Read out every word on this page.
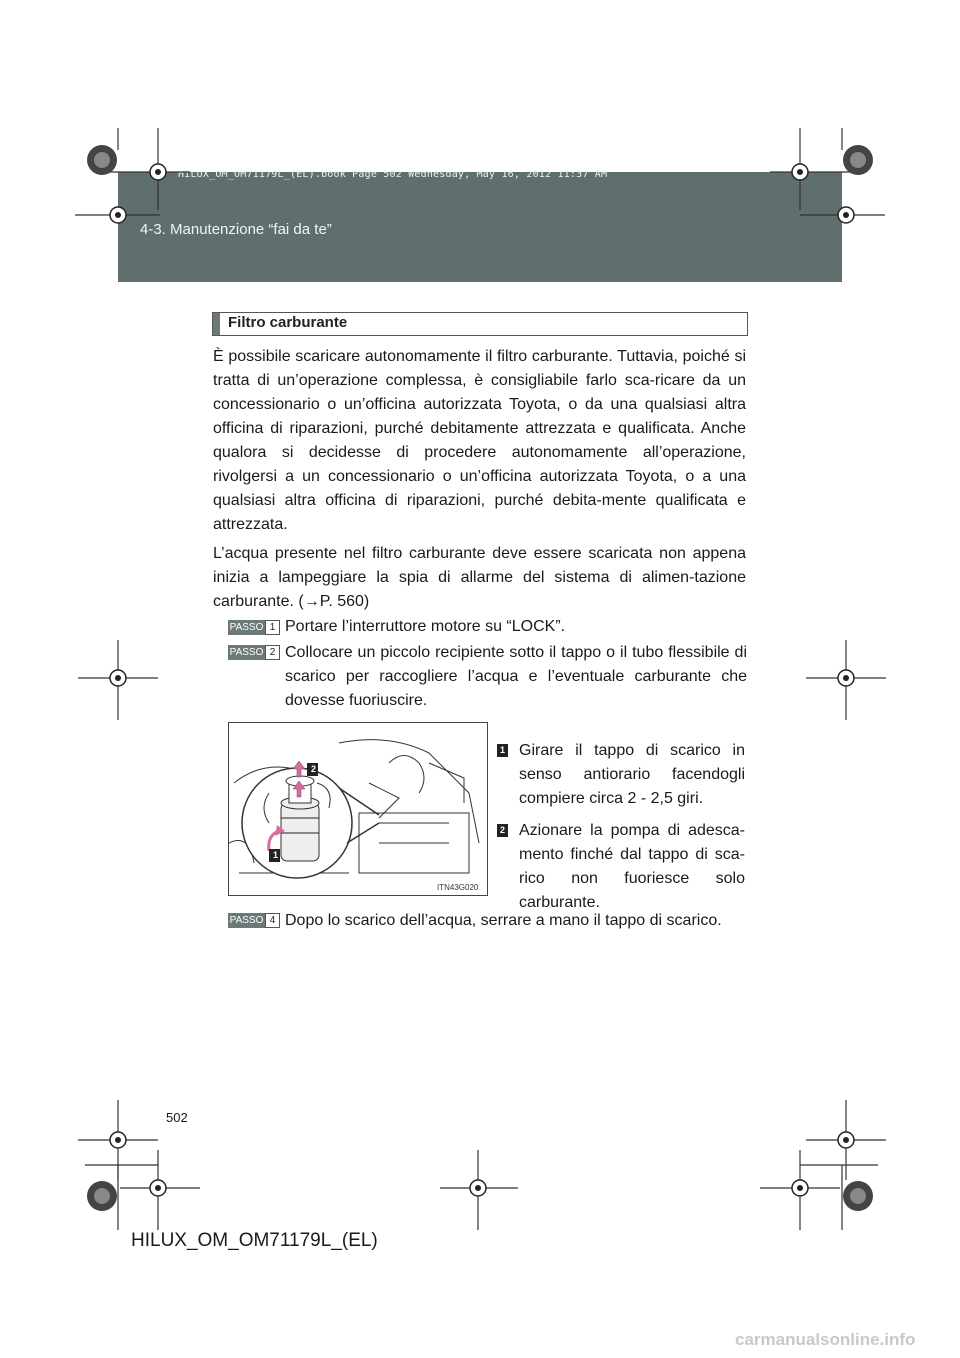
HILUX_OM_OM71179L_(EL).book Page 502 Wednesday, May 16, 2012 11:37 AM
4-3. Manutenzione “fai da te”
Filtro carburante

È possibile scaricare autonomamente il filtro carburante. Tuttavia, poiché si tratta di un’operazione complessa, è consigliabile farlo sca-ricare da un concessionario o un’officina autorizzata Toyota, o da una qualsiasi altra officina di riparazioni, purché debitamente attrezzata e qualificata. Anche qualora si decidesse di procedere autonomamente all’operazione, rivolgersi a un concessionario o un’officina autorizzata Toyota, o a una qualsiasi altra officina di riparazioni, purché debita-mente qualificata e attrezzata.

L’acqua presente nel filtro carburante deve essere scaricata non appena inizia a lampeggiare la spia di allarme del sistema di alimen-tazione carburante. (→P. 560)

PASSO 1 Portare l’interruttore motore su “LOCK”.
PASSO 2 Collocare un piccolo recipiente sotto il tappo o il tubo flessibile di scarico per raccogliere l’acqua e l’eventuale carburante che dovesse fuoriuscire.
2
1
ITN43G020
1 Girare il tappo di scarico in senso antiorario facendogli compiere circa 2 - 2,5 giri.
2 Azionare la pompa di adesca-mento finché dal tappo di sca-rico non fuoriesce solo carburante.
PASSO 4 Dopo lo scarico dell’acqua, serrare a mano il tappo di scarico.
502
HILUX_OM_OM71179L_(EL)
carmanualsonline.info
